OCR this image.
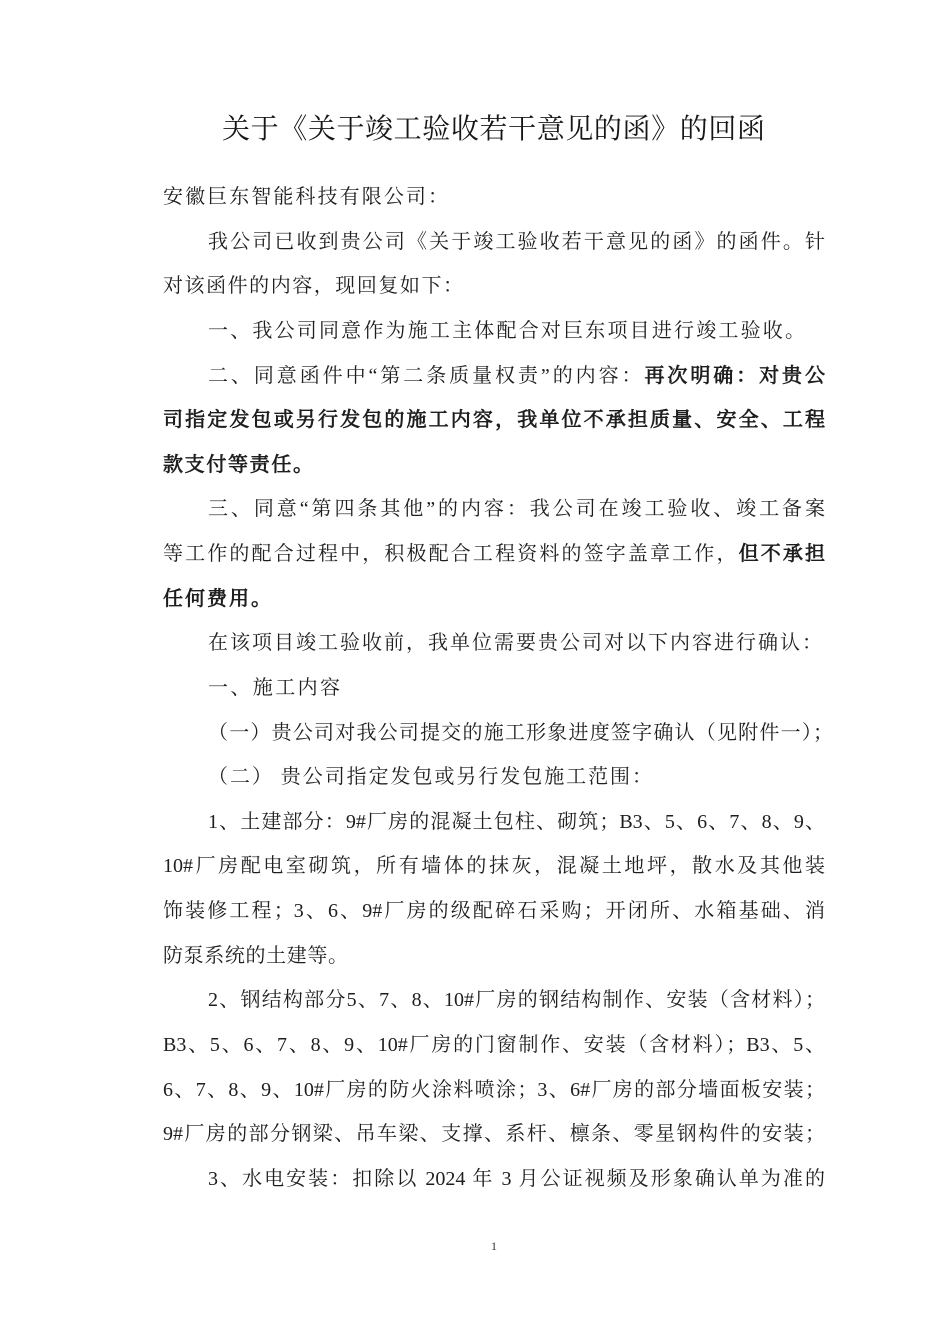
关于《关于竣工验收若干意见的函》的回函
安徽巨东智能科技有限公司：
我公司已收到贵公司《关于竣工验收若干意见的函》的函件。针
对该函件的内容，现回复如下：
一、我公司同意作为施工主体配合对巨东项目进行竣工验收。
二、同意函件中“第二条质量权责”的内容：再次明确：对贵公
司指定发包或另行发包的施工内容，我单位不承担质量、安全、工程
款支付等责任。
三、同意“第四条其他”的内容：我公司在竣工验收、竣工备案
等工作的配合过程中，积极配合工程资料的签字盖章工作，但不承担
任何费用。
在该项目竣工验收前，我单位需要贵公司对以下内容进行确认：
一、施工内容
（一）贵公司对我公司提交的施工形象进度签字确认（见附件一）；
（二） 贵公司指定发包或另行发包施工范围：
1、土建部分：9#厂房的混凝土包柱、砌筑；B3、5、6、7、8、9、
10#厂房配电室砌筑，所有墙体的抹灰，混凝土地坪，散水及其他装
饰装修工程；3、6、9#厂房的级配碎石采购；开闭所、水箱基础、消
防泵系统的土建等。
2、钢结构部分5、7、8、10#厂房的钢结构制作、安装（含材料）；
B3、5、6、7、8、9、10#厂房的门窗制作、安装（含材料）；B3、5、
6、7、8、9、10#厂房的防火涂料喷涂；3、6#厂房的部分墙面板安装；
9#厂房的部分钢梁、吊车梁、支撑、系杆、檩条、零星钢构件的安装；
3、水电安装：扣除以 2024 年 3 月公证视频及形象确认单为准的
1
